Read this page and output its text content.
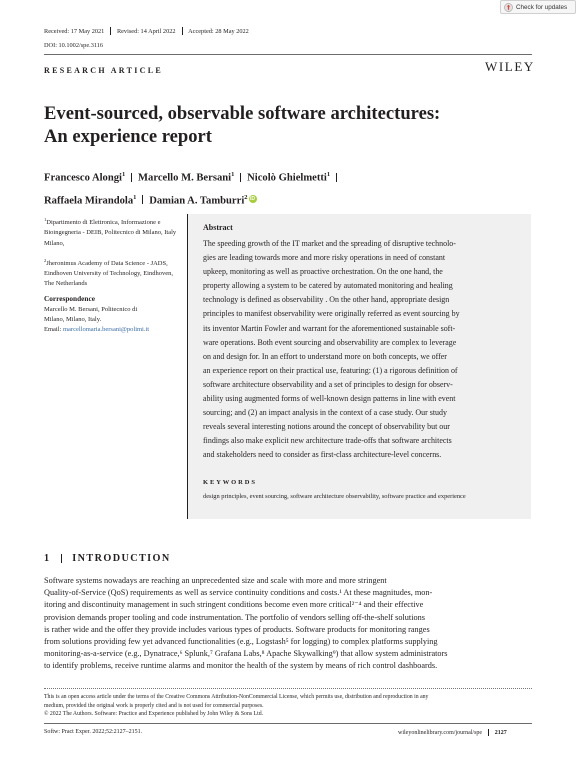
Check for updates
Received: 17 May 2021 Revised: 14 April 2022 Accepted: 28 May 2022
DOI: 10.1002/spe.3116
RESEARCH ARTICLE	WILEY
Event-sourced, observable software architectures:
An experience report
Francesco Alongi$^1$ Marcello M. Bersani$^1$ Nicolò Ghielmetti$^1$
Raffaela Mirandola$^1$ Damian A. Tamburri$^2$ iD

$^1$Dipartimento di Elettronica, Informazione e Bioingegneria - DEIB, Politecnico di Milano, Italy Milano,

$^2$Jheronimus Academy of Data Science - JADS, Eindhoven University of Technology, Eindhoven, The Netherlands

Correspondence
Marcello M. Bersani, Politecnico di
Milano, Milano, Italy.
Email: marcellomaria.bersani@polimi.it
Abstract
The speeding growth of the IT market and the spreading of disruptive technolo-
gies are leading towards more and more risky operations in need of constant
upkeep, monitoring as well as proactive orchestration. On the one hand, the
property allowing a system to be catered by automated monitoring and healing
technology is defined as observability . On the other hand, appropriate design
principles to manifest observability were originally referred as event sourcing by
its inventor Martin Fowler and warrant for the aforementioned sustainable soft-
ware operations. Both event sourcing and observability are complex to leverage
on and design for. In an effort to understand more on both concepts, we offer
an experience report on their practical use, featuring: (1) a rigorous definition of
software architecture observability and a set of principles to design for observ-
ability using augmented forms of well-known design patterns in line with event
sourcing; and (2) an impact analysis in the context of a case study. Our study
reveals several interesting notions around the concept of observability but our
findings also make explicit new architecture trade-offs that software architects
and stakeholders need to consider as first-class architecture-level concerns.
KEYWORDS
design principles, event sourcing, software architecture observability, software practice and experience
1 INTRODUCTION
Software systems nowadays are reaching an unprecedented size and scale with more and more stringent
Quality-of-Service (QoS) requirements as well as service continuity conditions and costs.¹ At these magnitudes, mon-
itoring and discontinuity management in such stringent conditions become even more critical²⁻⁴ and their effective
provision demands proper tooling and code instrumentation. The portfolio of vendors selling off-the-shelf solutions
is rather wide and the offer they provide includes various types of products. Software products for monitoring ranges
from solutions providing few yet advanced functionalities (e.g., Logstash⁵ for logging) to complex platforms supplying
monitoring-as-a-service (e.g., Dynatrace,⁶ Splunk,⁷ Grafana Labs,⁸ Apache Skywalking⁹) that allow system administrators
to identify problems, receive runtime alarms and monitor the health of the system by means of rich control dashboards.
This is an open access article under the terms of the Creative Commons Attribution-NonCommercial License, which permits use, distribution and reproduction in any
medium, provided the original work is properly cited and is not used for commercial purposes.
© 2022 The Authors. Software: Practice and Experience published by John Wiley & Sons Ltd.
Softw: Pract Exper. 2022;52:2127–2151.	wileyonlinelibrary.com/journal/spe 2127
